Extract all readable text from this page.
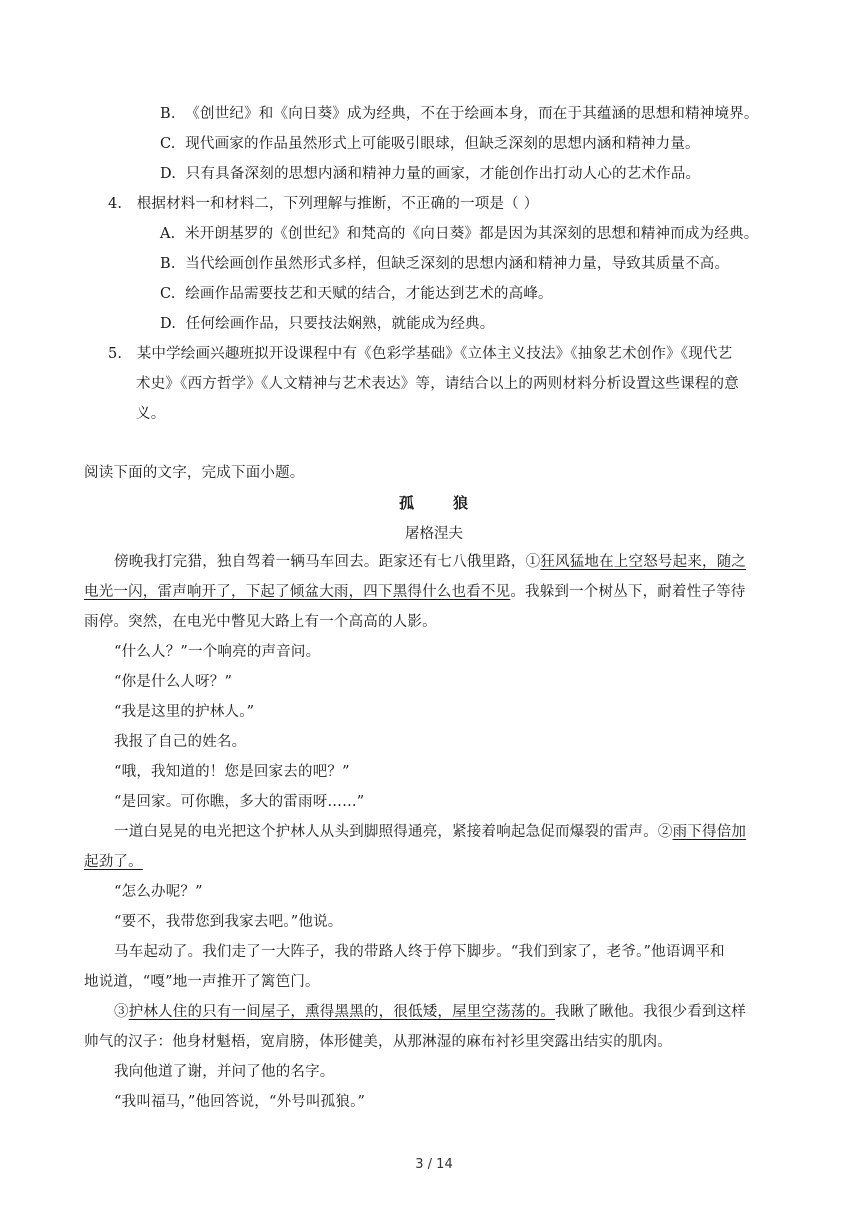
B. 《创世纪》和《向日葵》成为经典，不在于绘画本身，而在于其蕴涵的思想和精神境界。
C. 现代画家的作品虽然形式上可能吸引眼球，但缺乏深刻的思想内涵和精神力量。
D. 只有具备深刻的思想内涵和精神力量的画家，才能创作出打动人心的艺术作品。
4. 根据材料一和材料二，下列理解与推断，不正确的一项是（ ）
A. 米开朗基罗的《创世纪》和梵高的《向日葵》都是因为其深刻的思想和精神而成为经典。
B. 当代绘画创作虽然形式多样，但缺乏深刻的思想内涵和精神力量，导致其质量不高。
C. 绘画作品需要技艺和天赋的结合，才能达到艺术的高峰。
D. 任何绘画作品，只要技法娴熟，就能成为经典。
5. 某中学绘画兴趣班拟开设课程中有《色彩学基础》《立体主义技法》《抽象艺术创作》《现代艺
术史》《西方哲学》《人文精神与艺术表达》等，请结合以上的两则材料分析设置这些课程的意
义。
阅读下面的文字，完成下面小题。
孤	狼
屠格涅夫
傍晚我打完猎，独自驾着一辆马车回去。距家还有七八俄里路，①狂风猛地在上空怒号起来，随之
电光一闪，雷声响开了，下起了倾盆大雨，四下黑得什么也看不见。我躲到一个树丛下，耐着性子等待
雨停。突然，在电光中瞥见大路上有一个高高的人影。
“什么人？”一个响亮的声音问。
“你是什么人呀？”
“我是这里的护林人。”
我报了自己的姓名。
“哦，我知道的！您是回家去的吧？”
“是回家。可你瞧，多大的雷雨呀……”
一道白晃晃的电光把这个护林人从头到脚照得通亮，紧接着响起急促而爆裂的雷声。②雨下得倍加
起劲了。
“怎么办呢？”
“要不，我带您到我家去吧。”他说。
马车起动了。我们走了一大阵子，我的带路人终于停下脚步。“我们到家了，老爷。”他语调平和
地说道，“嘎”地一声推开了篱笆门。
③护林人住的只有一间屋子，熏得黑黑的，很低矮，屋里空荡荡的。我瞅了瞅他。我很少看到这样
帅气的汉子：他身材魁梧，宽肩膀，体形健美，从那淋湿的麻布衬衫里突露出结实的肌肉。
我向他道了谢，并问了他的名字。
“我叫福马，”他回答说，“外号叫孤狼。”
3 / 14
